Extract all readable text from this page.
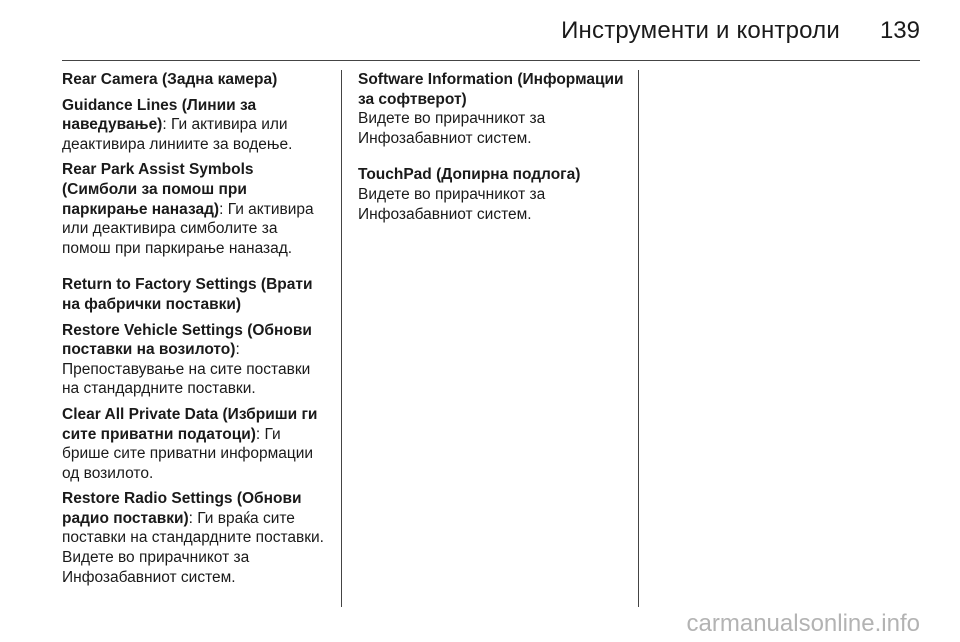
Инструменти и контроли 139

Rear Camera (Задна камера)

Guidance Lines (Линии за наведување): Ги активира или деактивира линиите за водење.

Rear Park Assist Symbols (Симболи за помош при паркирање наназад): Ги активира или деактивира симболите за помош при паркирање наназад.

Return to Factory Settings (Врати на фабрички поставки)

Restore Vehicle Settings (Обнови поставки на возилото): Препоставување на сите поставки на стандардните поставки.

Clear All Private Data (Избриши ги сите приватни податоци): Ги брише сите приватни информации од возилото.

Restore Radio Settings (Обнови радио поставки): Ги враќа сите поставки на стандардните поставки. Видете во прирачникот за Инфозабавниот систем.

Software Information (Информации за софтверот)
Видете во прирачникот за Инфозабавниот систем.

TouchPad (Допирна подлога)
Видете во прирачникот за Инфозабавниот систем.

carmanualsonline.info
